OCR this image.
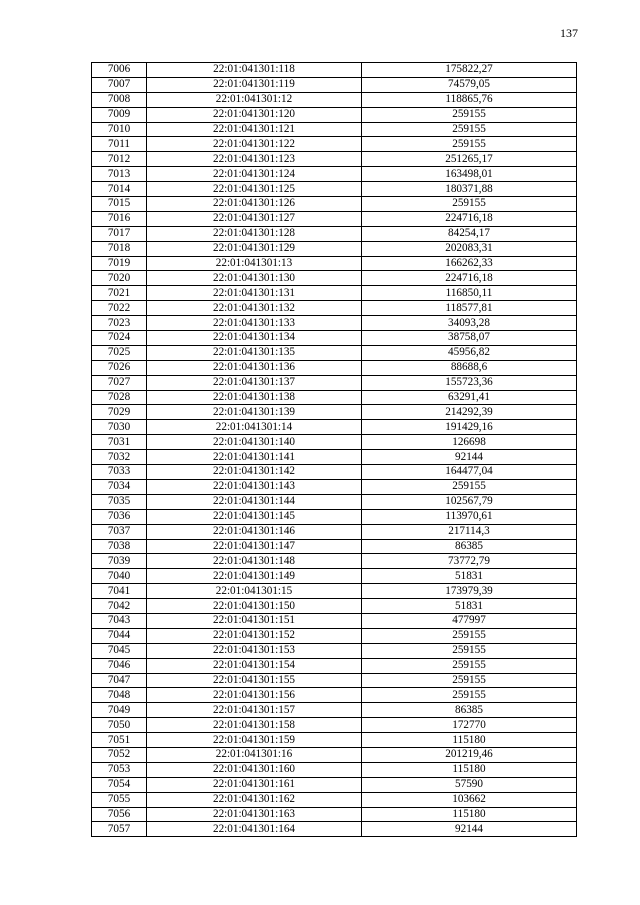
137
7006	22:01:041301:118	175822,27
7007	22:01:041301:119	74579,05
7008	22:01:041301:12	118865,76
7009	22:01:041301:120	259155
7010	22:01:041301:121	259155
7011	22:01:041301:122	259155
7012	22:01:041301:123	251265,17
7013	22:01:041301:124	163498,01
7014	22:01:041301:125	180371,88
7015	22:01:041301:126	259155
7016	22:01:041301:127	224716,18
7017	22:01:041301:128	84254,17
7018	22:01:041301:129	202083,31
7019	22:01:041301:13	166262,33
7020	22:01:041301:130	224716,18
7021	22:01:041301:131	116850,11
7022	22:01:041301:132	118577,81
7023	22:01:041301:133	34093,28
7024	22:01:041301:134	38758,07
7025	22:01:041301:135	45956,82
7026	22:01:041301:136	88688,6
7027	22:01:041301:137	155723,36
7028	22:01:041301:138	63291,41
7029	22:01:041301:139	214292,39
7030	22:01:041301:14	191429,16
7031	22:01:041301:140	126698
7032	22:01:041301:141	92144
7033	22:01:041301:142	164477,04
7034	22:01:041301:143	259155
7035	22:01:041301:144	102567,79
7036	22:01:041301:145	113970,61
7037	22:01:041301:146	217114,3
7038	22:01:041301:147	86385
7039	22:01:041301:148	73772,79
7040	22:01:041301:149	51831
7041	22:01:041301:15	173979,39
7042	22:01:041301:150	51831
7043	22:01:041301:151	477997
7044	22:01:041301:152	259155
7045	22:01:041301:153	259155
7046	22:01:041301:154	259155
7047	22:01:041301:155	259155
7048	22:01:041301:156	259155
7049	22:01:041301:157	86385
7050	22:01:041301:158	172770
7051	22:01:041301:159	115180
7052	22:01:041301:16	201219,46
7053	22:01:041301:160	115180
7054	22:01:041301:161	57590
7055	22:01:041301:162	103662
7056	22:01:041301:163	115180
7057	22:01:041301:164	92144
